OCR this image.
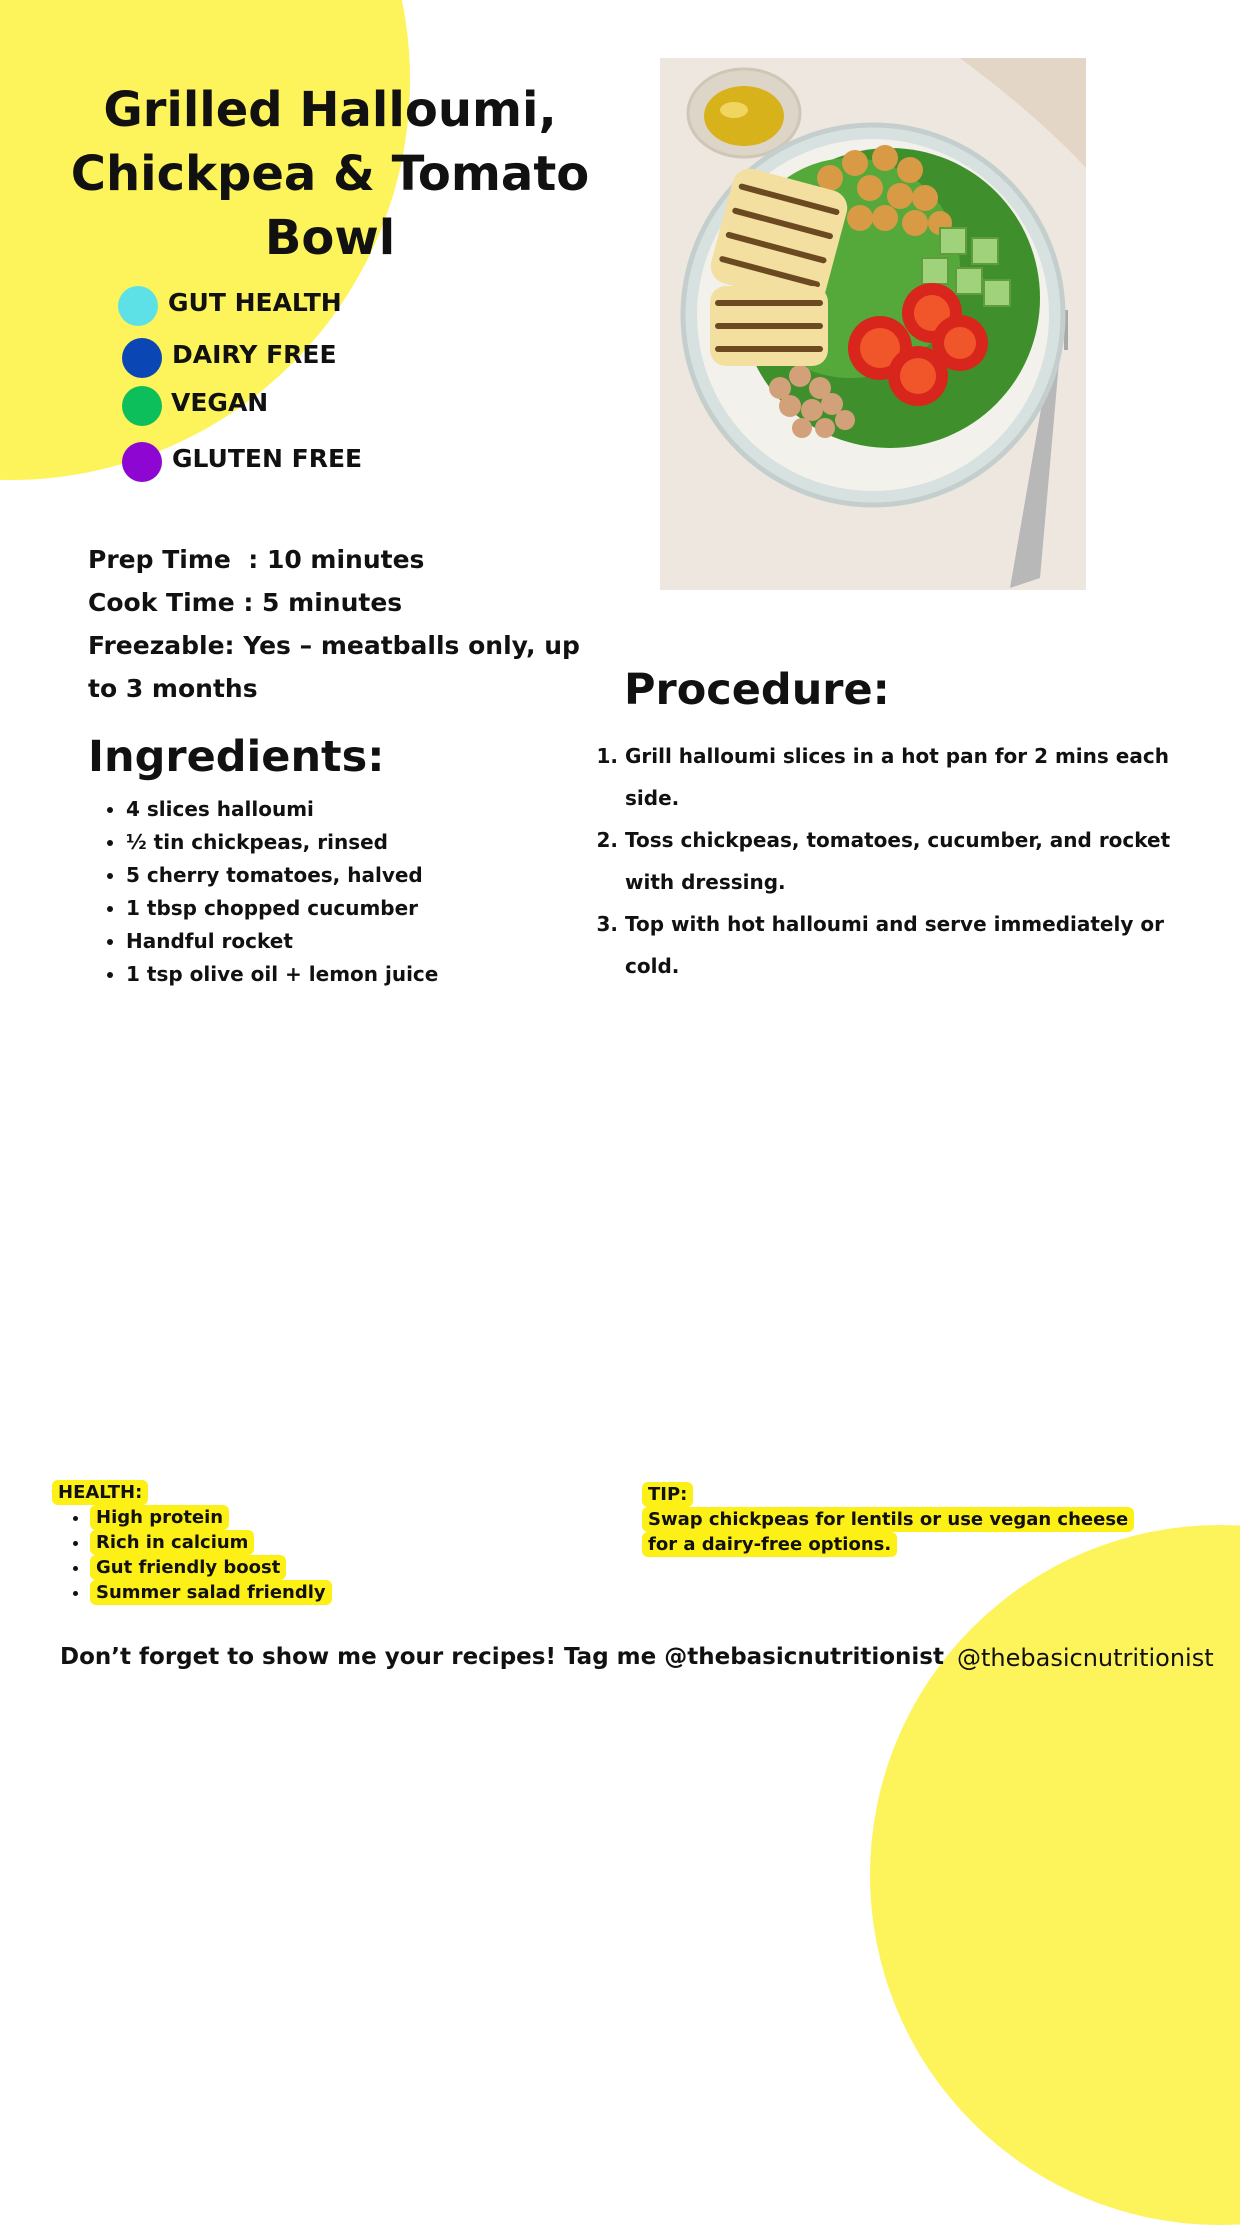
Grilled Halloumi, Chickpea & Tomato Bowl
GUT HEALTH
DAIRY FREE
VEGAN
GLUTEN FREE
Prep Time  : 10 minutes
Cook Time : 5 minutes
Freezable: Yes – meatballs only, up to 3 months
Ingredients:
• 4 slices halloumi
• ½ tin chickpeas, rinsed
• 5 cherry tomatoes, halved
• 1 tbsp chopped cucumber
• Handful rocket
• 1 tsp olive oil + lemon juice
Procedure:
1. Grill halloumi slices in a hot pan for 2 mins each side.
2. Toss chickpeas, tomatoes, cucumber, and rocket with dressing.
3. Top with hot halloumi and serve immediately or cold.
HEALTH:
• High protein
• Rich in calcium
• Gut friendly boost
• Summer salad friendly
TIP:
Swap chickpeas for lentils or use vegan cheese for a dairy-free options.
Don’t forget to show me your recipes! Tag me @thebasicnutritionist @thebasicnutritionist
